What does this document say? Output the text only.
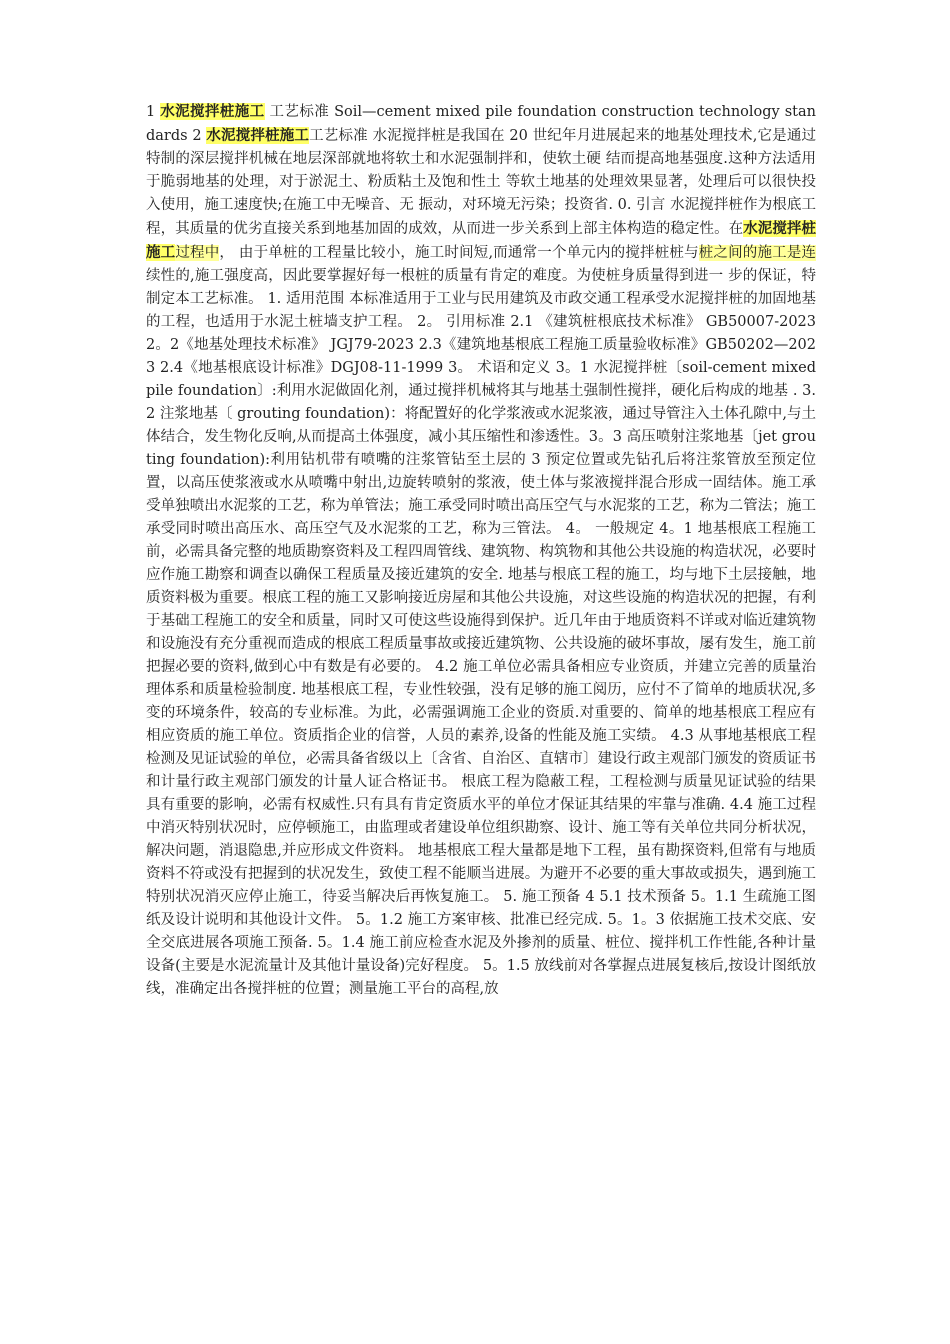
1 水泥搅拌桩施工 工艺标准 Soil—cement mixed pile foundation construction technology standards 2 水泥搅拌桩施工工艺标准 水泥搅拌桩是我国在 20 世纪年月进展起来的地基处理技术,它是通过特制的深层搅拌机械在地层深部就地将软土和水泥强制拌和，使软土硬 结而提高地基强度.这种方法适用于脆弱地基的处理，对于淤泥土、粉质粘土及饱和性土 等软土地基的处理效果显著，处理后可以很快投入使用，施工速度快;在施工中无噪音、无 振动，对环境无污染；投资省. 0. 引言 水泥搅拌桩作为根底工程，其质量的优劣直接关系到地基加固的成效，从而进一步关系到上部主体构造的稳定性。在水泥搅拌桩施工过程中， 由于单桩的工程量比较小，施工时间短,而通常一个单元内的搅拌桩桩与桩之间的施工是连 续性的,施工强度高，因此要掌握好每一根桩的质量有肯定的难度。为使桩身质量得到进一 步的保证，特制定本工艺标准。 1. 适用范围 本标准适用于工业与民用建筑及市政交通工程承受水泥搅拌桩的加固地基的工程，也适用于水泥土桩墙支护工程。 2。 引用标准 2.1 《建筑桩根底技术标准》 GB50007-2023 2。2《地基处理技术标准》 JGJ79-2023 2.3《建筑地基根底工程施工质量验收标准》GB50202—2023 2.4《地基根底设计标准》DGJ08-11-1999 3。 术语和定义 3。1 水泥搅拌桩〔soil-cement mixed pile foundation〕:利用水泥做固化剂，通过搅拌机械将其与地基土强制性搅拌，硬化后构成的地基 . 3.2 注浆地基〔 grouting foundation)：将配置好的化学浆液或水泥浆液，通过导管注入土体孔隙中,与土体结合，发生物化反响,从而提高土体强度，减小其压缩性和渗透性。3。3 高压喷射注浆地基〔jet grouting foundation):利用钻机带有喷嘴的注浆管钻至土层的 3 预定位置或先钻孔后将注浆管放至预定位置，以高压使浆液或水从喷嘴中射出,边旋转喷射的浆液，使土体与浆液搅拌混合形成一固结体。施工承受单独喷出水泥浆的工艺，称为单管法；施工承受同时喷出高压空气与水泥浆的工艺，称为二管法；施工承受同时喷出高压水、高压空气及水泥浆的工艺，称为三管法。 4。 一般规定 4。1 地基根底工程施工前，必需具备完整的地质勘察资料及工程四周管线、建筑物、构筑物和其他公共设施的构造状况，必要时应作施工勘察和调查以确保工程质量及接近建筑的安全. 地基与根底工程的施工，均与地下土层接触，地质资料极为重要。根底工程的施工又影响接近房屋和其他公共设施，对这些设施的构造状况的把握，有利于基础工程施工的安全和质量，同时又可使这些设施得到保护。近几年由于地质资料不详或对临近建筑物和设施没有充分重视而造成的根底工程质量事故或接近建筑物、公共设施的破坏事故，屡有发生，施工前把握必要的资料,做到心中有数是有必要的。 4.2 施工单位必需具备相应专业资质，并建立完善的质量治理体系和质量检验制度. 地基根底工程，专业性较强，没有足够的施工阅历，应付不了简单的地质状况,多变的环境条件，较高的专业标准。为此，必需强调施工企业的资质.对重要的、简单的地基根底工程应有相应资质的施工单位。资质指企业的信誉，人员的素养,设备的性能及施工实绩。 4.3 从事地基根底工程检测及见证试验的单位，必需具备省级以上〔含省、自治区、直辖市〕建设行政主观部门颁发的资质证书和计量行政主观部门颁发的计量人证合格证书。 根底工程为隐蔽工程，工程检测与质量见证试验的结果具有重要的影响，必需有权威性.只有具有肯定资质水平的单位才保证其结果的牢靠与准确. 4.4 施工过程中消灭特别状况时，应停顿施工，由监理或者建设单位组织勘察、设计、施工等有关单位共同分析状况，解决问题，消退隐患,并应形成文件资料。 地基根底工程大量都是地下工程，虽有勘探资料,但常有与地质资料不符或没有把握到的状况发生，致使工程不能顺当进展。为避开不必要的重大事故或损失，遇到施工特别状况消灭应停止施工，待妥当解决后再恢复施工。 5. 施工预备 4 5.1 技术预备 5。1.1 生疏施工图纸及设计说明和其他设计文件。 5。1.2 施工方案审核、批准已经完成. 5。1。3 依据施工技术交底、安全交底进展各项施工预备. 5。1.4 施工前应检查水泥及外掺剂的质量、桩位、搅拌机工作性能,各种计量设备(主要是水泥流量计及其他计量设备)完好程度。 5。1.5 放线前对各掌握点进展复核后,按设计图纸放线，准确定出各搅拌桩的位置；测量施工平台的高程,放
